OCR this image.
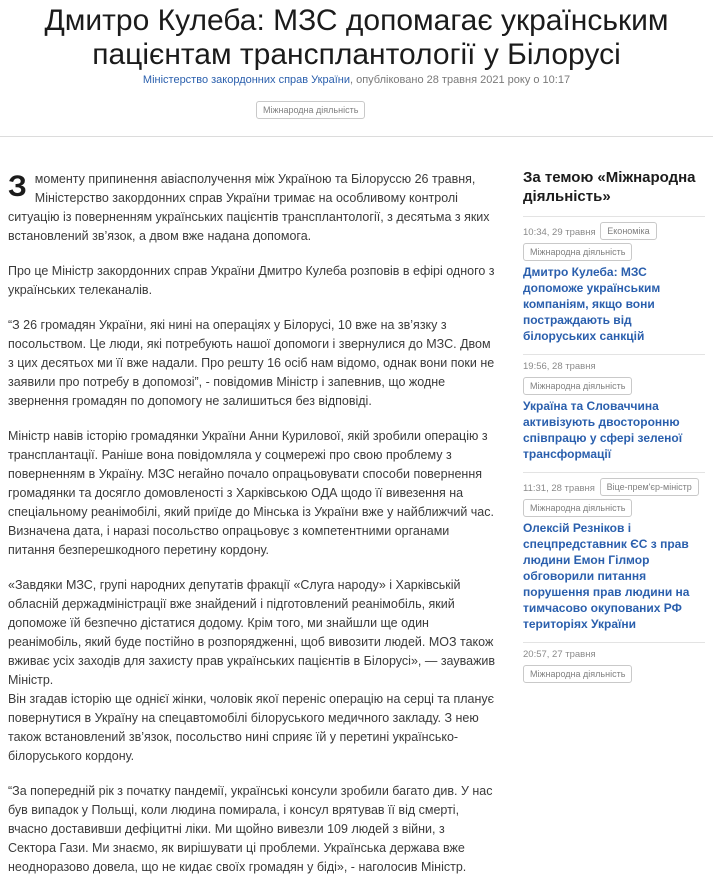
Дмитро Кулеба: МЗС допомагає українським пацієнтам трансплантології у Білорусі
Міністерство закордонних справ України, опубліковано 28 травня 2021 року о 10:17
Міжнародна діяльність

З моменту припинення авіасполучення між Україною та Білоруссю 26 травня, Міністерство закордонних справ України тримає на особливому контролі ситуацію із поверненням українських пацієнтів трансплантології, з десятьма з яких встановлений зв’язок, а двом вже надана допомога.

Про це Міністр закордонних справ України Дмитро Кулеба розповів в ефірі одного з українських телеканалів.

“З 26 громадян України, які нині на операціях у Білорусі, 10 вже на зв’язку з посольством. Це люди, які потребують нашої допомоги і звернулися до МЗС. Двом з цих десятьох ми її вже надали. Про решту 16 осіб нам відомо, однак вони поки не заявили про потребу в допомозі”, - повідомив Міністр і запевнив, що жодне звернення громадян по допомогу не залишиться без відповіді.

Міністр навів історію громадянки України Анни Курилової, якій зробили операцію з трансплантації. Раніше вона повідомляла у соцмережі про свою проблему з поверненням в Україну. МЗС негайно почало опрацьовувати способи повернення громадянки та досягло домовленості з Харківською ОДА щодо її вивезення на спеціальному реанімобілі, який приїде до Мінська із України вже у найближчий час. Визначена дата, і наразі посольство опрацьовує з компетентними органами питання безперешкодного перетину кордону.

«Завдяки МЗС, групі народних депутатів фракції «Слуга народу» і Харківській обласній держадміністрації вже знайдений і підготовлений реанімобіль, який допоможе їй безпечно дістатися додому. Крім того, ми знайшли ще один реанімобіль, який буде постійно в розпорядженні, щоб вивозити людей. МОЗ також вживає усіх заходів для захисту прав українських пацієнтів в Білорусі», — зауважив Міністр.

Він згадав історію ще однієї жінки, чоловік якої переніс операцію на серці та планує повернутися в Україну на спецавтомобілі білоруського медичного закладу. З нею також встановлений зв’язок, посольство нині сприяє їй у перетині українсько-білоруського кордону.

“За попередній рік з початку пандемії, українські консули зробили багато див. У нас був випадок у Польщі, коли людина помирала, і консул врятував її від смерті, вчасно доставивши дефіцитні ліки. Ми щойно вивезли 109 людей з війни, з Сектора Гази. Ми знаємо, як вирішувати ці проблеми. Українська держава вже неодноразово довела, що не кидає своїх громадян у біді», - наголосив Міністр.

За темою «Міжнародна діяльність»
10:34, 29 травня Економіка
Міжнародна діяльність
Дмитро Кулеба: МЗС допоможе українським компаніям, якщо вони постраждають від білоруських санкцій
19:56, 28 травня
Міжнародна діяльність
Україна та Словаччина активізують двосторонню співпрацю у сфері зеленої трансформації
11:31, 28 травня Віце-прем'єр-міністр
Міжнародна діяльність
Олексій Резніков і спецпредставник ЄС з прав людини Емон Гілмор обговорили питання порушення прав людини на тимчасово окупованих РФ територіях України
20:57, 27 травня
Міжнародна діяльність
